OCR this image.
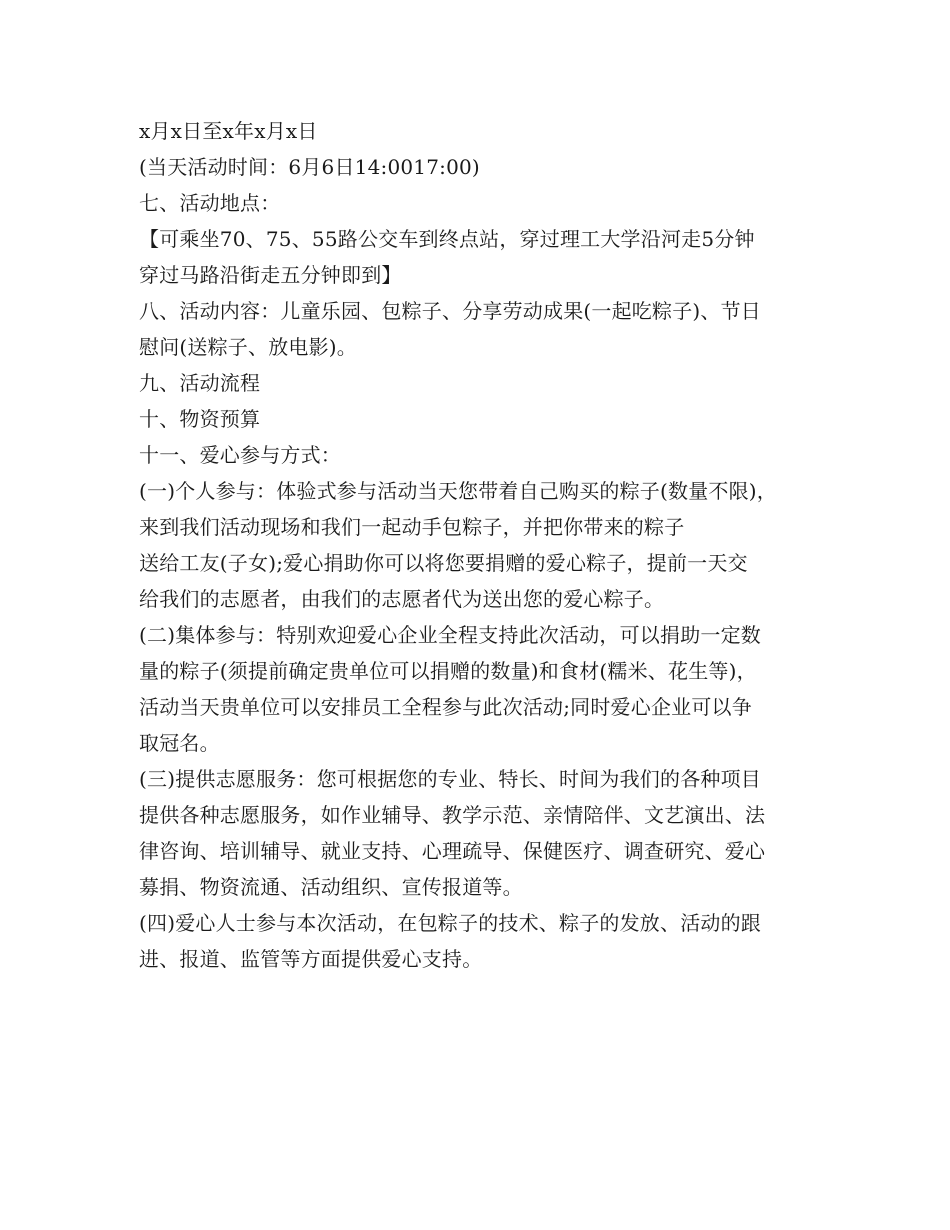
x月x日至x年x月x日
(当天活动时间：6月6日14:0017:00)
七、活动地点：
【可乘坐70、75、55路公交车到终点站，穿过理工大学沿河走5分钟
穿过马路沿街走五分钟即到】
八、活动内容：儿童乐园、包粽子、分享劳动成果(一起吃粽子)、节日
慰问(送粽子、放电影)。
九、活动流程
十、物资预算
十一、爱心参与方式：
(一)个人参与：体验式参与活动当天您带着自己购买的粽子(数量不限)，
来到我们活动现场和我们一起动手包粽子，并把你带来的粽子
送给工友(子女);爱心捐助你可以将您要捐赠的爱心粽子，提前一天交
给我们的志愿者，由我们的志愿者代为送出您的爱心粽子。
(二)集体参与：特别欢迎爱心企业全程支持此次活动，可以捐助一定数
量的粽子(须提前确定贵单位可以捐赠的数量)和食材(糯米、花生等)，
活动当天贵单位可以安排员工全程参与此次活动;同时爱心企业可以争
取冠名。
(三)提供志愿服务：您可根据您的专业、特长、时间为我们的各种项目
提供各种志愿服务，如作业辅导、教学示范、亲情陪伴、文艺演出、法
律咨询、培训辅导、就业支持、心理疏导、保健医疗、调查研究、爱心
募捐、物资流通、活动组织、宣传报道等。
(四)爱心人士参与本次活动，在包粽子的技术、粽子的发放、活动的跟
进、报道、监管等方面提供爱心支持。
